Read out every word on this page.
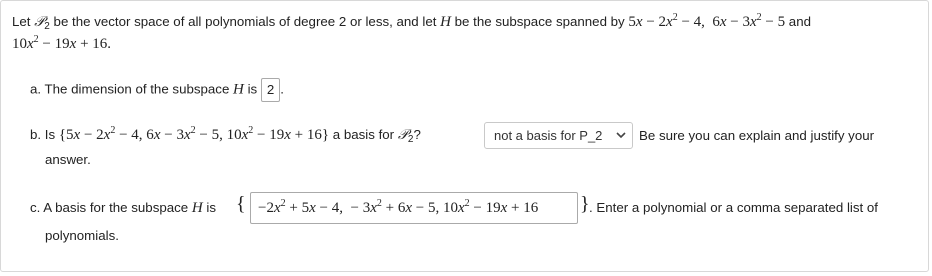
Let 𝒫$_2$ be the vector space of all polynomials of degree 2 or less, and let H be the subspace spanned by $5x - 2x^2 - 4$, $6x - 3x^2 - 5$ and
$10x^2 - 19x + 16$.
a. The dimension of the subspace H is 2 .
b. Is {$5x - 2x^2 - 4$, $6x - 3x^2 - 5$, $10x^2 - 19x + 16$} a basis for 𝒫$_2$?	not a basis for P_2	Be sure you can explain and justify your
answer.
c. A basis for the subspace H is { $-2x^2 + 5x - 4$,  − $3x^2 + 6x - 5$, $10x^2 - 19x + 16$	} . Enter a polynomial or a comma separated list of
polynomials.
